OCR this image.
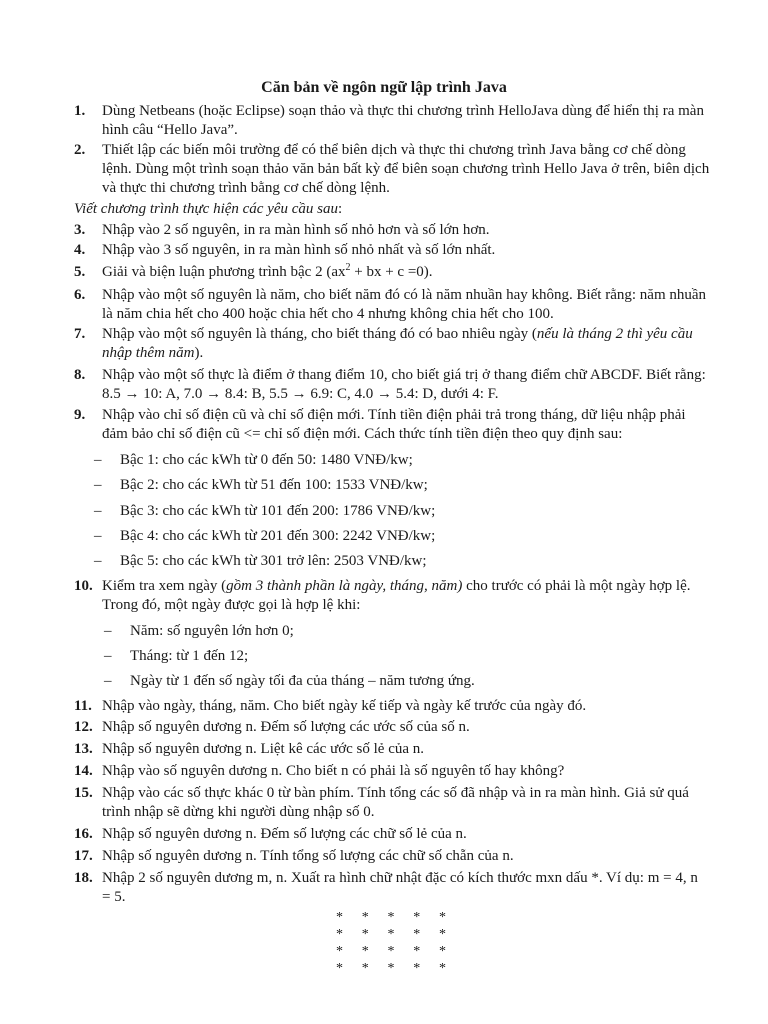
Căn bản về ngôn ngữ lập trình Java
1.	Dùng Netbeans (hoặc Eclipse) soạn thảo và thực thi chương trình HelloJava dùng để hiển thị ra màn hình câu “Hello Java”.
2.	Thiết lập các biến môi trường để có thể biên dịch và thực thi chương trình Java bằng cơ chế dòng lệnh. Dùng một trình soạn thảo văn bản bất kỳ để biên soạn chương trình Hello Java ở trên, biên dịch và thực thi chương trình bằng cơ chế dòng lệnh.
Viết chương trình thực hiện các yêu cầu sau:
3.	Nhập vào 2 số nguyên, in ra màn hình số nhỏ hơn và số lớn hơn.
4.	Nhập vào 3 số nguyên, in ra màn hình số nhỏ nhất và số lớn nhất.
5.	Giải và biện luận phương trình bậc 2 ($ax^2$ + bx + c =0).
6.	Nhập vào một số nguyên là năm, cho biết năm đó có là năm nhuần hay không. Biết rằng: năm nhuần là năm chia hết cho 400 hoặc chia hết cho 4 nhưng không chia hết cho 100.
7.	Nhập vào một số nguyên là tháng, cho biết tháng đó có bao nhiêu ngày (nếu là tháng 2 thì yêu cầu nhập thêm năm).
8.	Nhập vào một số thực là điểm ở thang điểm 10, cho biết giá trị ở thang điểm chữ ABCDF. Biết rằng: 8.5 → 10: A, 7.0 → 8.4: B, 5.5 → 6.9: C, 4.0 → 5.4: D, dưới 4: F.
9.	Nhập vào chỉ số điện cũ và chỉ số điện mới. Tính tiền điện phải trả trong tháng, dữ liệu nhập phải đảm bảo chỉ số điện cũ <= chỉ số điện mới. Cách thức tính tiền điện theo quy định sau:
– Bậc 1: cho các kWh từ 0 đến 50: 1480 VNĐ/kw;
– Bậc 2: cho các kWh từ 51 đến 100: 1533 VNĐ/kw;
– Bậc 3: cho các kWh từ 101 đến 200: 1786 VNĐ/kw;
– Bậc 4: cho các kWh từ 201 đến 300: 2242 VNĐ/kw;
– Bậc 5: cho các kWh từ 301 trở lên: 2503 VNĐ/kw;
10. Kiểm tra xem ngày (gồm 3 thành phần là ngày, tháng, năm) cho trước có phải là một ngày hợp lệ. Trong đó, một ngày được gọi là hợp lệ khi:
– Năm: số nguyên lớn hơn 0;
– Tháng: từ 1 đến 12;
– Ngày từ 1 đến số ngày tối đa của tháng – năm tương ứng.
11. Nhập vào ngày, tháng, năm. Cho biết ngày kế tiếp và ngày kế trước của ngày đó.
12. Nhập số nguyên dương n. Đếm số lượng các ước số của số n.
13. Nhập số nguyên dương n. Liệt kê các ước số lẻ của n.
14. Nhập vào số nguyên dương n. Cho biết n có phải là số nguyên tố hay không?
15. Nhập vào các số thực khác 0 từ bàn phím. Tính tổng các số đã nhập và in ra màn hình. Giả sử quá trình nhập sẽ dừng khi người dùng nhập số 0.
16. Nhập số nguyên dương n. Đếm số lượng các chữ số lẻ của n.
17. Nhập số nguyên dương n. Tính tổng số lượng các chữ số chẵn của n.
18. Nhập 2 số nguyên dương m, n. Xuất ra hình chữ nhật đặc có kích thước mxn dấu *. Ví dụ: m = 4, n = 5.
* * * * *
* * * * *
* * * * *
* * * * *
